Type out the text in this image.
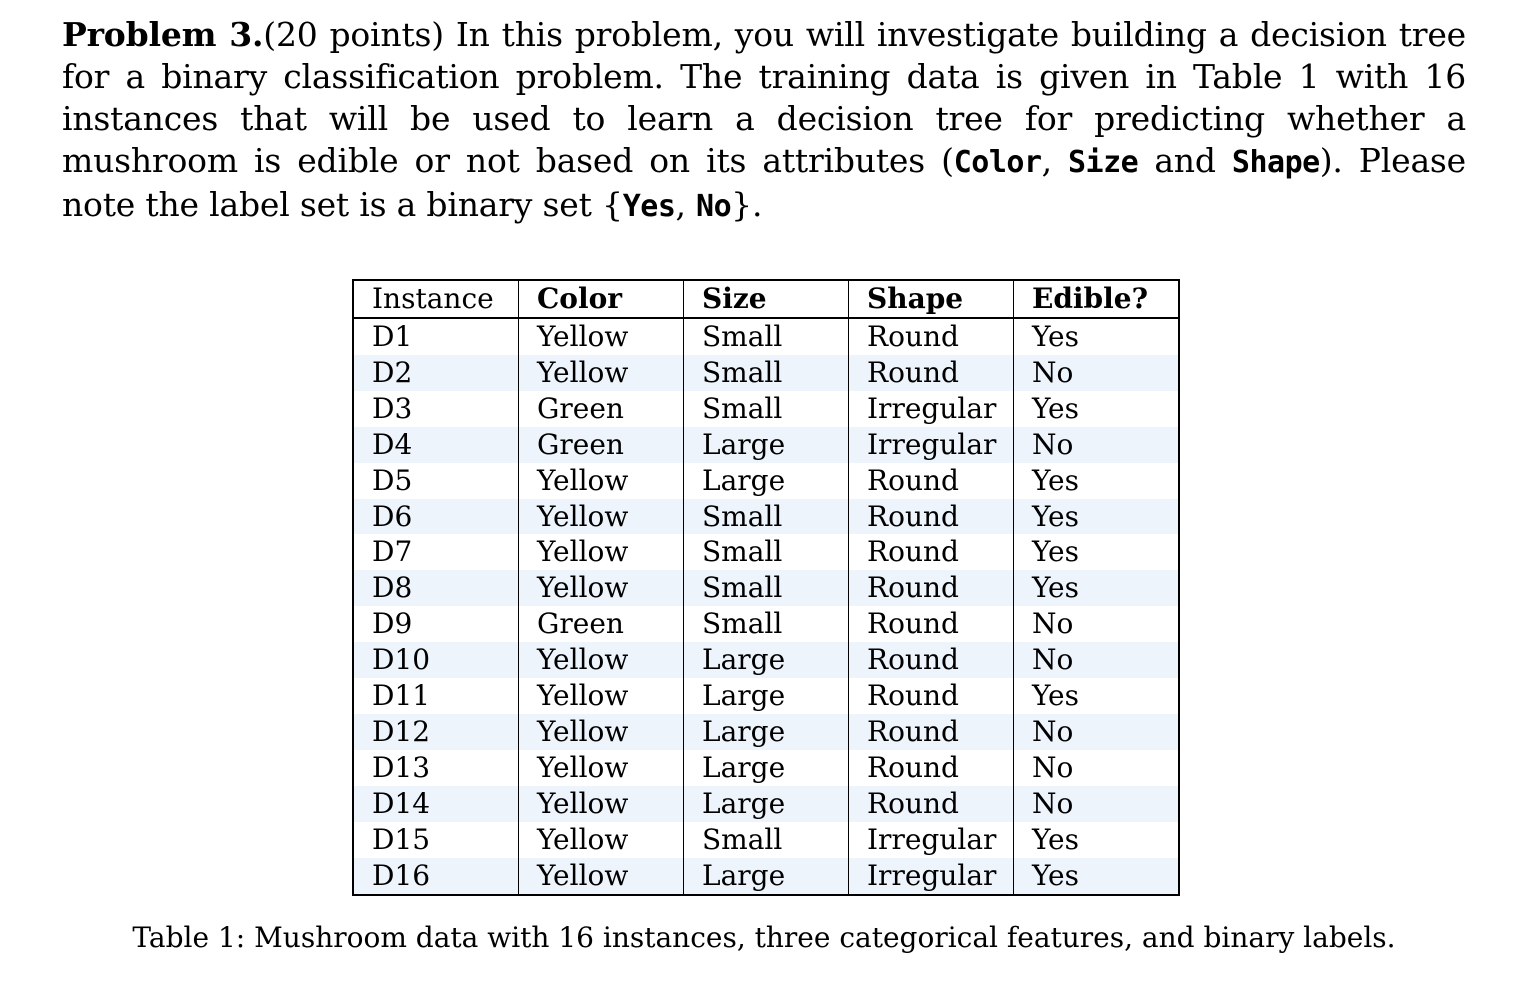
Problem 3.(20 points) In this problem, you will investigate building a decision tree for a binary classification problem. The training data is given in Table 1 with 16 instances that will be used to learn a decision tree for predicting whether a mushroom is edible or not based on its attributes (Color, Size and Shape). Please note the label set is a binary set {Yes, No}.
Instance	Color	Size	Shape	Edible?
D1	Yellow	Small	Round	Yes
D2	Yellow	Small	Round	No
D3	Green	Small	Irregular	Yes
D4	Green	Large	Irregular	No
D5	Yellow	Large	Round	Yes
D6	Yellow	Small	Round	Yes
D7	Yellow	Small	Round	Yes
D8	Yellow	Small	Round	Yes
D9	Green	Small	Round	No
D10	Yellow	Large	Round	No
D11	Yellow	Large	Round	Yes
D12	Yellow	Large	Round	No
D13	Yellow	Large	Round	No
D14	Yellow	Large	Round	No
D15	Yellow	Small	Irregular	Yes
D16	Yellow	Large	Irregular	Yes
Table 1: Mushroom data with 16 instances, three categorical features, and binary labels.
